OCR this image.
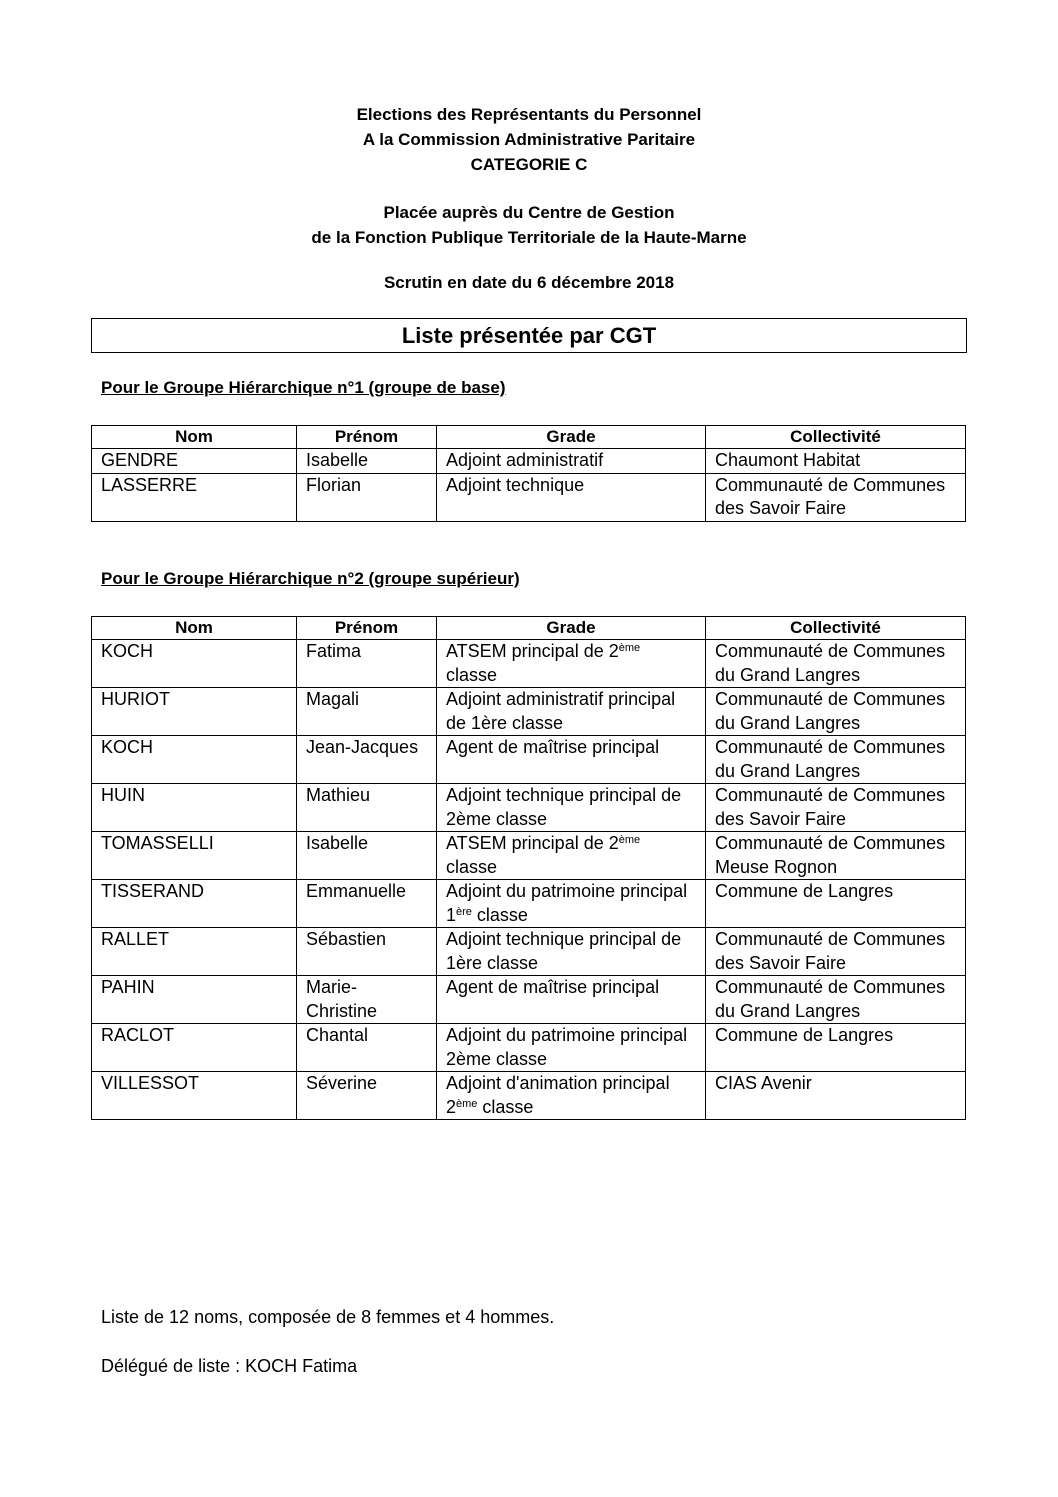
Elections des Représentants du Personnel
A la Commission Administrative Paritaire
CATEGORIE C
Placée auprès du Centre de Gestion
de la Fonction Publique Territoriale de la Haute-Marne
Scrutin en date du 6 décembre 2018
Liste présentée par CGT
Pour le Groupe Hiérarchique n°1 (groupe de base)
Nom	Prénom	Grade	Collectivité
GENDRE	Isabelle	Adjoint administratif	Chaumont Habitat
LASSERRE	Florian	Adjoint technique	Communauté de Communes des Savoir Faire
Pour le Groupe Hiérarchique n°2 (groupe supérieur)
Nom	Prénom	Grade	Collectivité
KOCH	Fatima	ATSEM principal de 2ème classe	Communauté de Communes du Grand Langres
HURIOT	Magali	Adjoint administratif principal de 1ère classe	Communauté de Communes du Grand Langres
KOCH	Jean-Jacques	Agent de maîtrise principal	Communauté de Communes du Grand Langres
HUIN	Mathieu	Adjoint technique principal de 2ème classe	Communauté de Communes des Savoir Faire
TOMASSELLI	Isabelle	ATSEM principal de 2ème classe	Communauté de Communes Meuse Rognon
TISSERAND	Emmanuelle	Adjoint du patrimoine principal 1ère classe	Commune de Langres
RALLET	Sébastien	Adjoint technique principal de 1ère classe	Communauté de Communes des Savoir Faire
PAHIN	Marie-Christine	Agent de maîtrise principal	Communauté de Communes du Grand Langres
RACLOT	Chantal	Adjoint du patrimoine principal 2ème classe	Commune de Langres
VILLESSOT	Séverine	Adjoint d'animation principal 2ème classe	CIAS Avenir
Liste de 12 noms, composée de 8 femmes et 4 hommes.
Délégué de liste : KOCH Fatima
